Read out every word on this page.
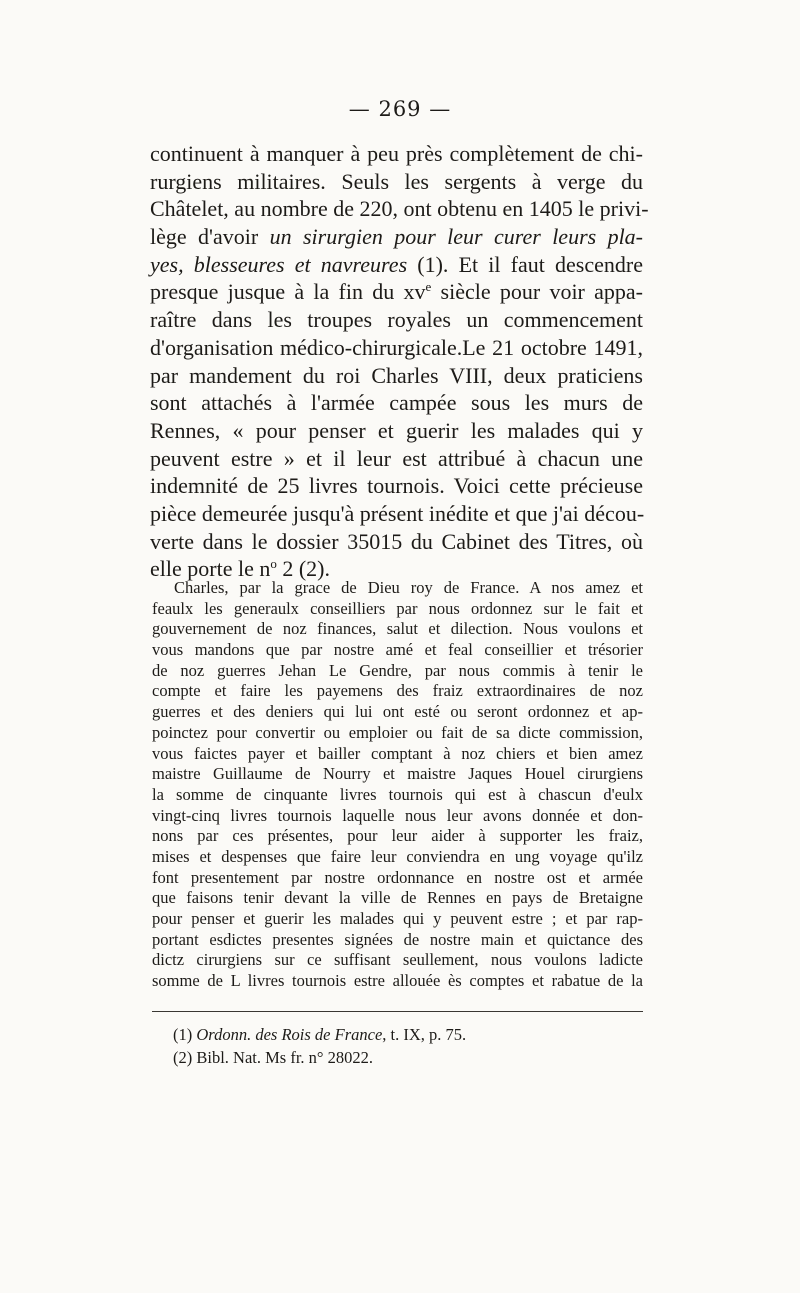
— 269 —
continuent à manquer à peu près complètement de chi-
rurgiens militaires. Seuls les sergents à verge du
Châtelet, au nombre de 220, ont obtenu en 1405 le privi-
lège d'avoir un sirurgien pour leur curer leurs pla-
yes, blesseures et navreures (1). Et il faut descendre
presque jusque à la fin du $xv^e$ siècle pour voir appa-
raître dans les troupes royales un commencement
d'organisation médico-chirurgicale.Le 21 octobre 1491,
par mandement du roi Charles VIII, deux praticiens
sont attachés à l'armée campée sous les murs de
Rennes, « pour penser et guerir les malades qui y
peuvent estre » et il leur est attribué à chacun une
indemnité de 25 livres tournois. Voici cette précieuse
pièce demeurée jusqu'à présent inédite et que j'ai décou-
verte dans le dossier 35015 du Cabinet des Titres, où
elle porte le $n^o$ 2 (2).
Charles, par la grace de Dieu roy de France. A nos amez et
feaulx les generaulx conseilliers par nous ordonnez sur le fait et
gouvernement de noz finances, salut et dilection. Nous voulons et
vous mandons que par nostre amé et feal conseillier et trésorier
de noz guerres Jehan Le Gendre, par nous commis à tenir le
compte et faire les payemens des fraiz extraordinaires de noz
guerres et des deniers qui lui ont esté ou seront ordonnez et ap-
poinctez pour convertir ou emploier ou fait de sa dicte commission,
vous faictes payer et bailler comptant à noz chiers et bien amez
maistre Guillaume de Nourry et maistre Jaques Houel cirurgiens
la somme de cinquante livres tournois qui est à chascun d'eulx
vingt-cinq livres tournois laquelle nous leur avons donnée et don-
nons par ces présentes, pour leur aider à supporter les fraiz,
mises et despenses que faire leur conviendra en ung voyage qu'ilz
font presentement par nostre ordonnance en nostre ost et armée
que faisons tenir devant la ville de Rennes en pays de Bretaigne
pour penser et guerir les malades qui y peuvent estre ; et par rap-
portant esdictes presentes signées de nostre main et quictance des
dictz cirurgiens sur ce suffisant seullement, nous voulons ladicte
somme de L livres tournois estre allouée ès comptes et rabatue de la
(1) Ordonn. des Rois de France, t. IX, p. 75.
(2) Bibl. Nat. Ms fr. n° 28022.
